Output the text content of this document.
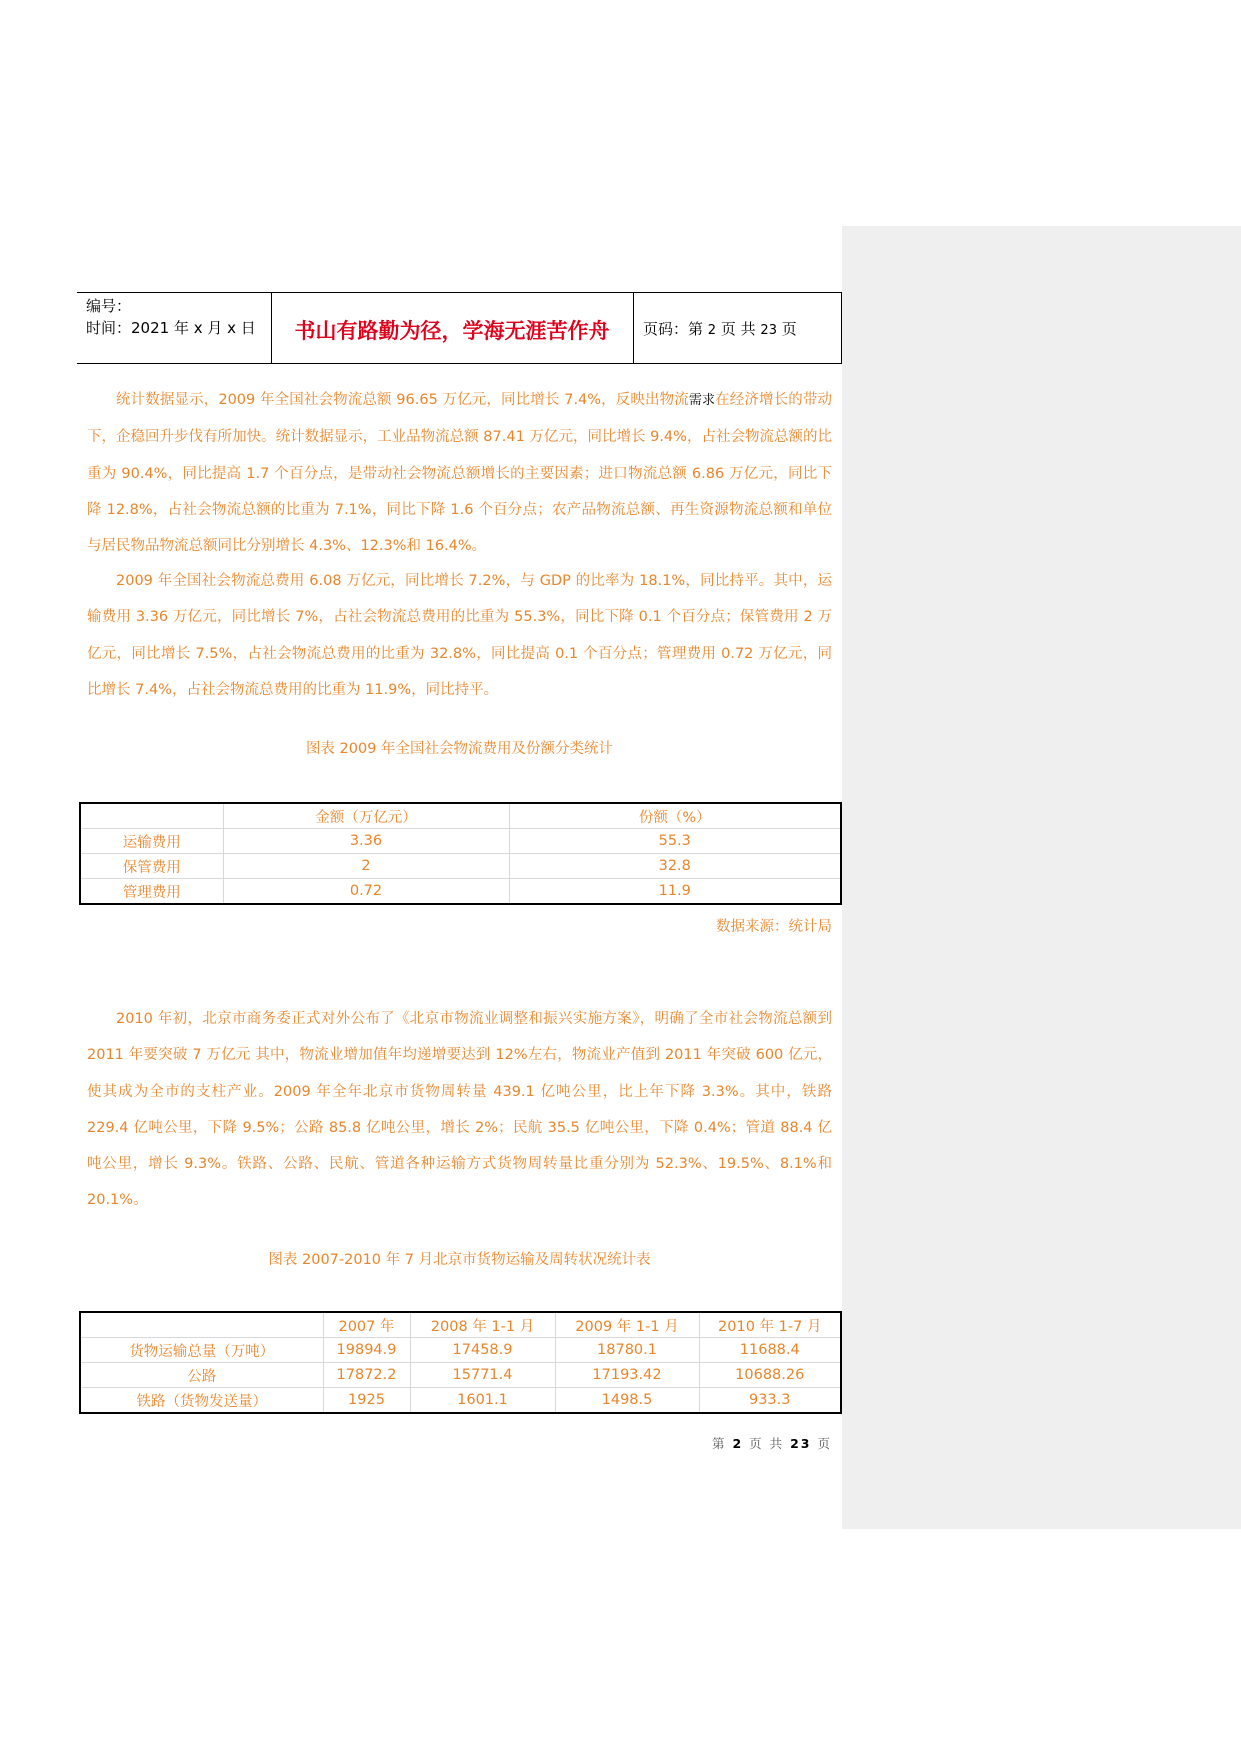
编号：
时间：2021 年 x 月 x 日	书山有路勤为径，学海无涯苦作舟	页码：第 2 页 共 23 页

统计数据显示，2009 年全国社会物流总额 96.65 万亿元，同比增长 7.4%，反映出物流需求在经济增长的带动下，企稳回升步伐有所加快。统计数据显示，工业品物流总额 87.41 万亿元，同比增长 9.4%，占社会物流总额的比重为 90.4%，同比提高 1.7 个百分点，是带动社会物流总额增长的主要因素；进口物流总额 6.86 万亿元，同比下降 12.8%，占社会物流总额的比重为 7.1%，同比下降 1.6 个百分点；农产品物流总额、再生资源物流总额和单位与居民物品物流总额同比分别增长 4.3%、12.3%和 16.4%。

2009 年全国社会物流总费用 6.08 万亿元，同比增长 7.2%，与 GDP 的比率为 18.1%，同比持平。其中，运输费用 3.36 万亿元，同比增长 7%，占社会物流总费用的比重为 55.3%，同比下降 0.1 个百分点；保管费用 2 万亿元，同比增长 7.5%，占社会物流总费用的比重为 32.8%，同比提高 0.1 个百分点；管理费用 0.72 万亿元，同比增长 7.4%，占社会物流总费用的比重为 11.9%，同比持平。

图表 2009 年全国社会物流费用及份额分类统计
	金额（万亿元）	份额（%）
运输费用	3.36	55.3
保管费用	2	32.8
管理费用	0.72	11.9
数据来源：统计局

2010 年初，北京市商务委正式对外公布了《北京市物流业调整和振兴实施方案》，明确了全市社会物流总额到 2011 年要突破 7 万亿元 其中，物流业增加值年均递增要达到 12%左右，物流业产值到 2011 年突破 600 亿元，使其成为全市的支柱产业。2009 年全年北京市货物周转量 439.1 亿吨公里，比上年下降 3.3%。其中，铁路 229.4 亿吨公里，下降 9.5%；公路 85.8 亿吨公里，增长 2%；民航 35.5 亿吨公里，下降 0.4%；管道 88.4 亿吨公里，增长 9.3%。铁路、公路、民航、管道各种运输方式货物周转量比重分别为 52.3%、19.5%、8.1%和 20.1%。

图表 2007-2010 年 7 月北京市货物运输及周转状况统计表
	2007 年	2008 年 1-1 月	2009 年 1-1 月	2010 年 1-7 月
货物运输总量（万吨）	19894.9	17458.9	18780.1	11688.4
公路	17872.2	15771.4	17193.42	10688.26
铁路（货物发送量）	1925	1601.1	1498.5	933.3
第 2 页 共 23 页
